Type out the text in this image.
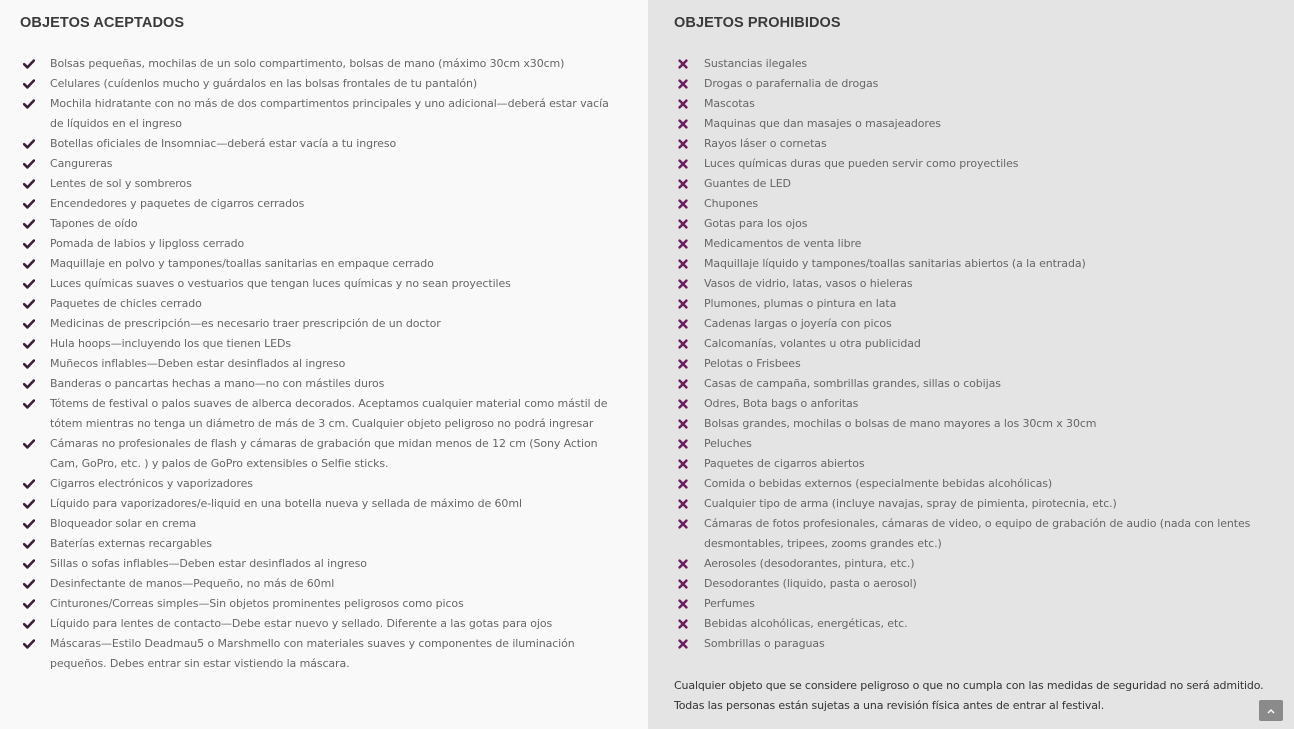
OBJETOS ACEPTADOS
Bolsas pequeñas, mochilas de un solo compartimento, bolsas de mano (máximo 30cm x30cm)
Celulares (cuídenlos mucho y guárdalos en las bolsas frontales de tu pantalón)
Mochila hidratante con no más de dos compartimentos principales y uno adicional—deberá estar vacía de líquidos en el ingreso
Botellas oficiales de Insomniac—deberá estar vacía a tu ingreso
Cangureras
Lentes de sol y sombreros
Encendedores y paquetes de cigarros cerrados
Tapones de oído
Pomada de labios y lipgloss cerrado
Maquillaje en polvo y tampones/toallas sanitarias en empaque cerrado
Luces químicas suaves o vestuarios que tengan luces químicas y no sean proyectiles
Paquetes de chicles cerrado
Medicinas de prescripción—es necesario traer prescripción de un doctor
Hula hoops—incluyendo los que tienen LEDs
Muñecos inflables—Deben estar desinflados al ingreso
Banderas o pancartas hechas a mano—no con mástiles duros
Tótems de festival o palos suaves de alberca decorados. Aceptamos cualquier material como mástil de tótem mientras no tenga un diámetro de más de 3 cm. Cualquier objeto peligroso no podrá ingresar
Cámaras no profesionales de flash y cámaras de grabación que midan menos de 12 cm (Sony Action Cam, GoPro, etc. ) y palos de GoPro extensibles o Selfie sticks.
Cigarros electrónicos y vaporizadores
Líquido para vaporizadores/e-liquid en una botella nueva y sellada de máximo de 60ml
Bloqueador solar en crema
Baterías externas recargables
Sillas o sofas inflables—Deben estar desinflados al ingreso
Desinfectante de manos—Pequeño, no más de 60ml
Cinturones/Correas simples—Sin objetos prominentes peligrosos como picos
Líquido para lentes de contacto—Debe estar nuevo y sellado. Diferente a las gotas para ojos
Máscaras—Estilo Deadmau5 o Marshmello con materiales suaves y componentes de iluminación pequeños. Debes entrar sin estar vistiendo la máscara.
OBJETOS PROHIBIDOS
Sustancias ilegales
Drogas o parafernalia de drogas
Mascotas
Maquinas que dan masajes o masajeadores
Rayos láser o cornetas
Luces químicas duras que pueden servir como proyectiles
Guantes de LED
Chupones
Gotas para los ojos
Medicamentos de venta libre
Maquillaje líquido y tampones/toallas sanitarias abiertos (a la entrada)
Vasos de vidrio, latas, vasos o hieleras
Plumones, plumas o pintura en lata
Cadenas largas o joyería con picos
Calcomanías, volantes u otra publicidad
Pelotas o Frisbees
Casas de campaña, sombrillas grandes, sillas o cobijas
Odres, Bota bags o anforitas
Bolsas grandes, mochilas o bolsas de mano mayores a los 30cm x 30cm
Peluches
Paquetes de cigarros abiertos
Comida o bebidas externos (especialmente bebidas alcohólicas)
Cualquier tipo de arma (incluye navajas, spray de pimienta, pirotecnia, etc.)
Cámaras de fotos profesionales, cámaras de video, o equipo de grabación de audio (nada con lentes desmontables, tripees, zooms grandes etc.)
Aerosoles (desodorantes, pintura, etc.)
Desodorantes (liquido, pasta o aerosol)
Perfumes
Bebidas alcohólicas, energéticas, etc.
Sombrillas o paraguas

Cualquier objeto que se considere peligroso o que no cumpla con las medidas de seguridad no será admitido. Todas las personas están sujetas a una revisión física antes de entrar al festival.
